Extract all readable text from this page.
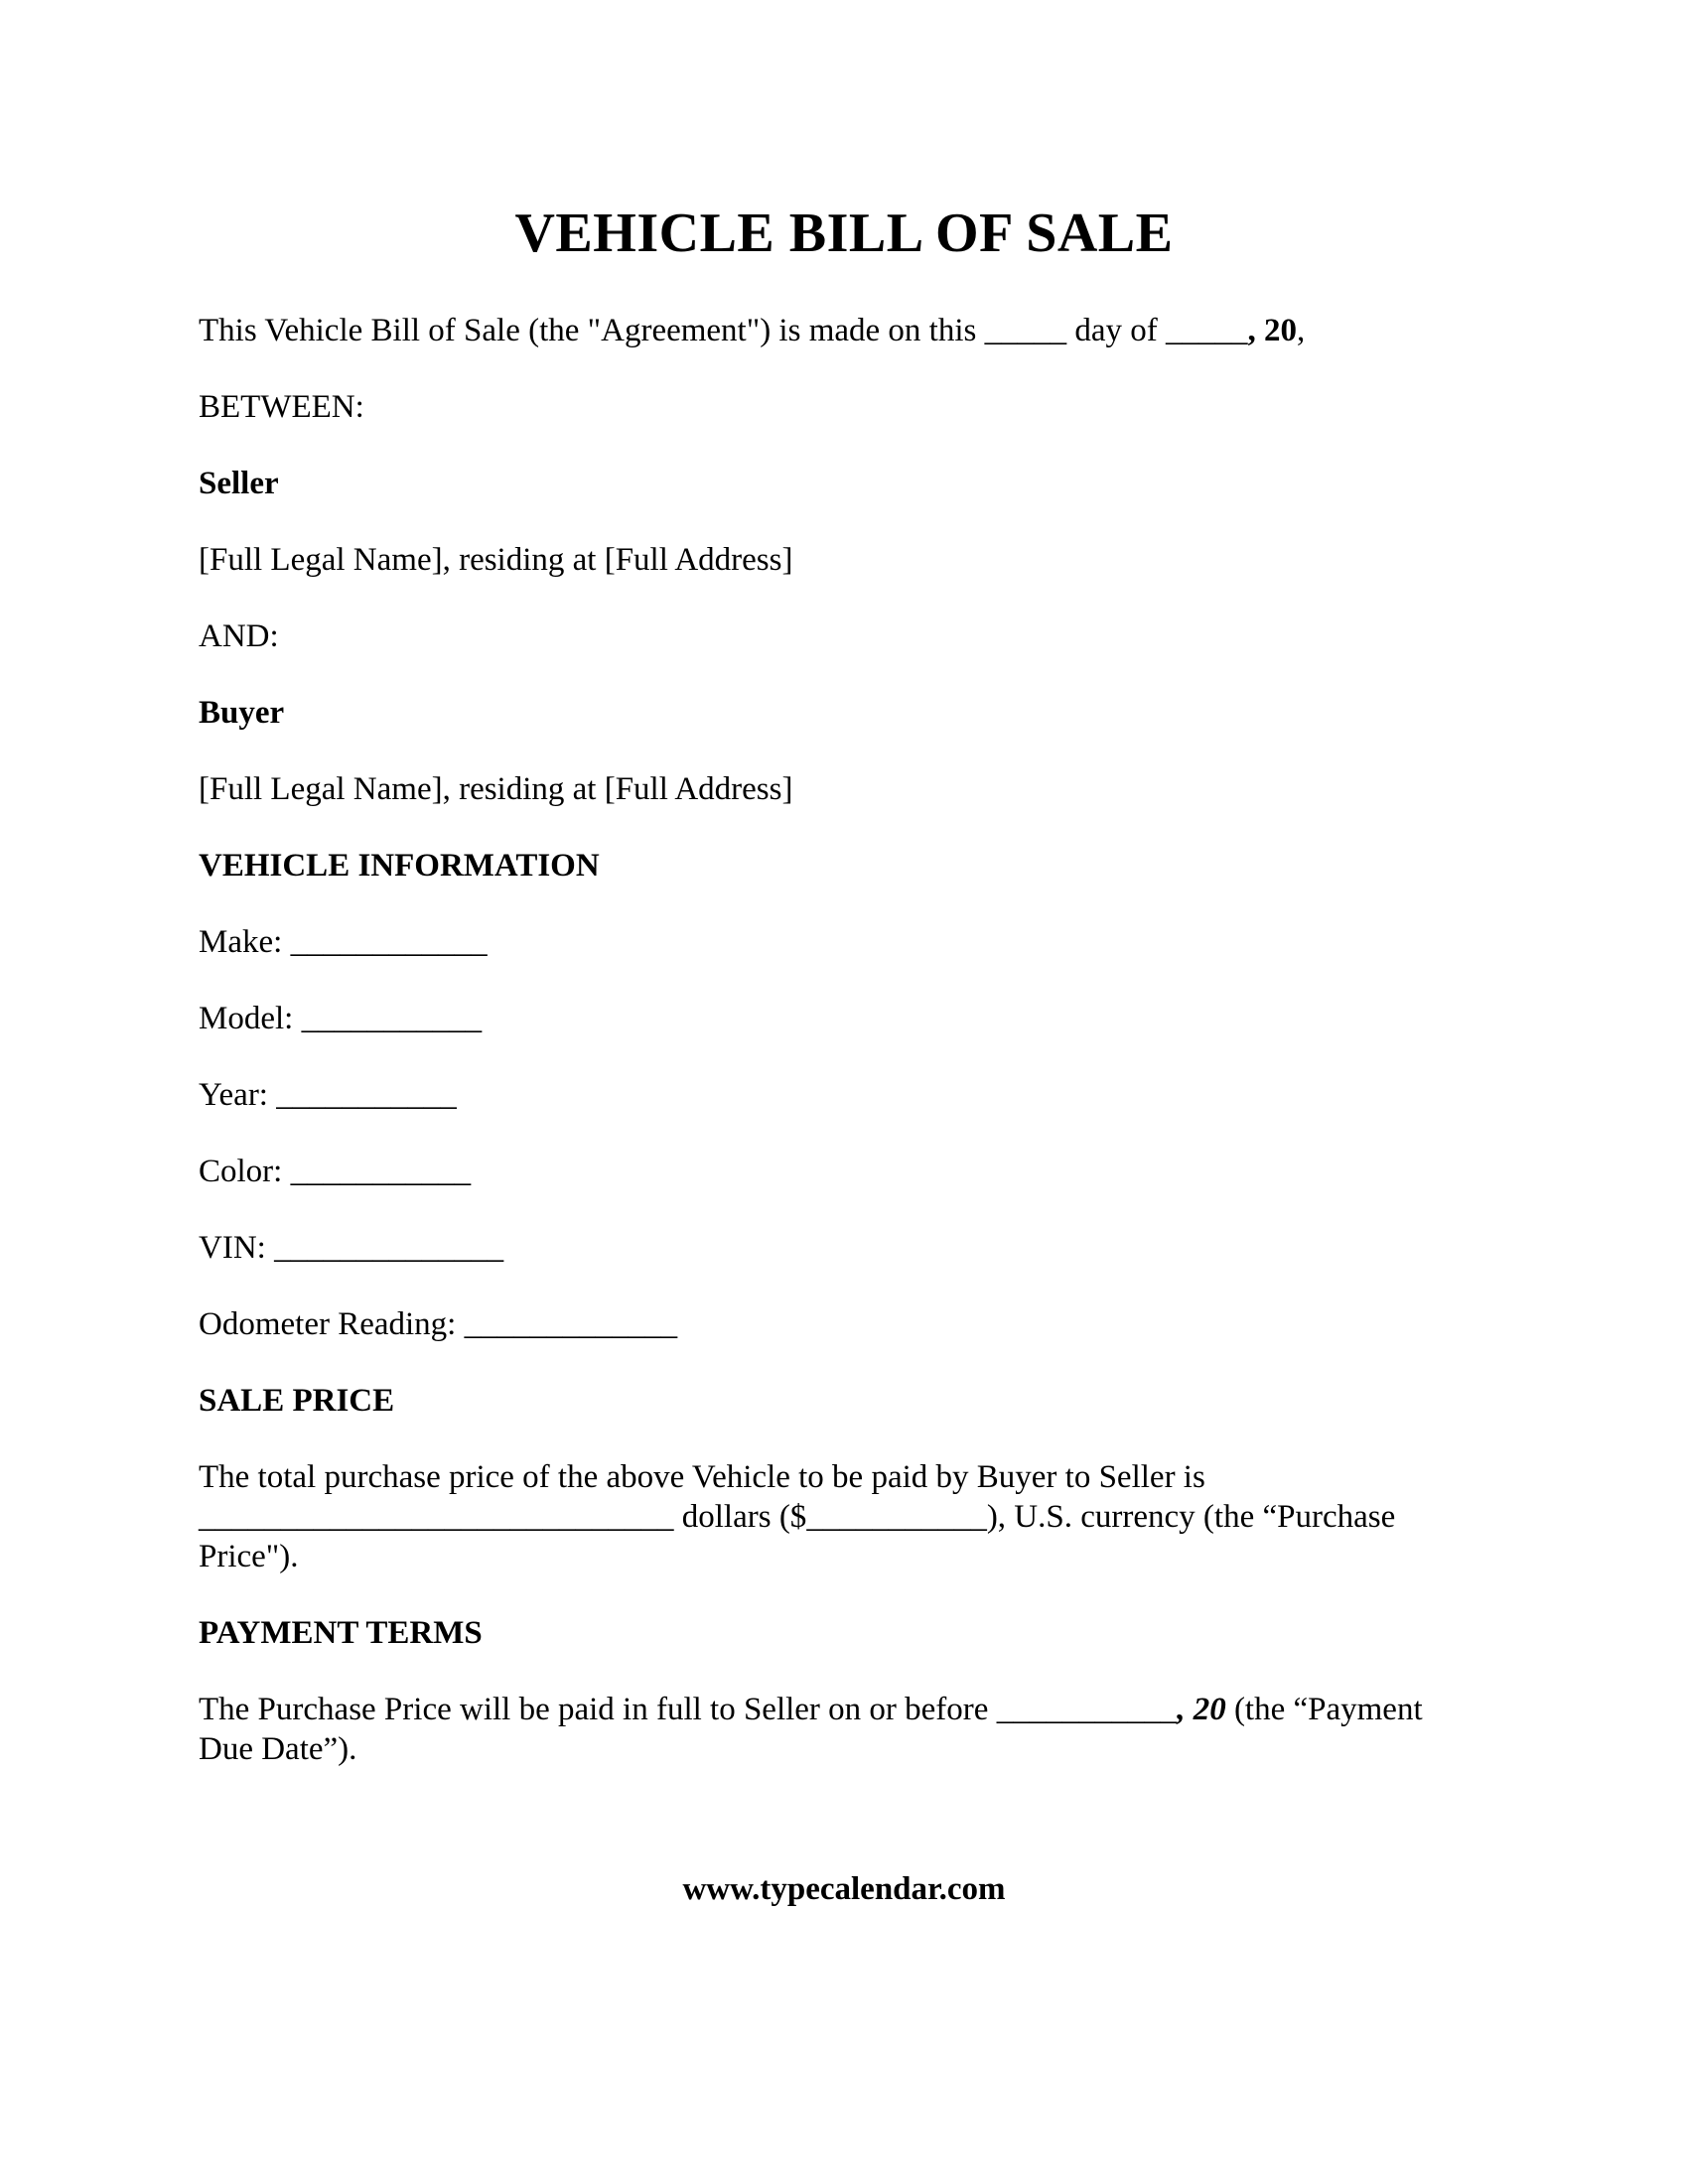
VEHICLE BILL OF SALE

This Vehicle Bill of Sale (the "Agreement") is made on this _____ day of _____, 20,

BETWEEN:

Seller

[Full Legal Name], residing at [Full Address]

AND:

Buyer

[Full Legal Name], residing at [Full Address]

VEHICLE INFORMATION

Make: ____________

Model: ___________

Year: ___________

Color: ___________

VIN: ______________

Odometer Reading: _____________

SALE PRICE

The total purchase price of the above Vehicle to be paid by Buyer to Seller is
_____________________________ dollars ($___________), U.S. currency (the “Purchase
Price").

PAYMENT TERMS

The Purchase Price will be paid in full to Seller on or before ___________, 20 (the “Payment
Due Date”).

www.typecalendar.com
